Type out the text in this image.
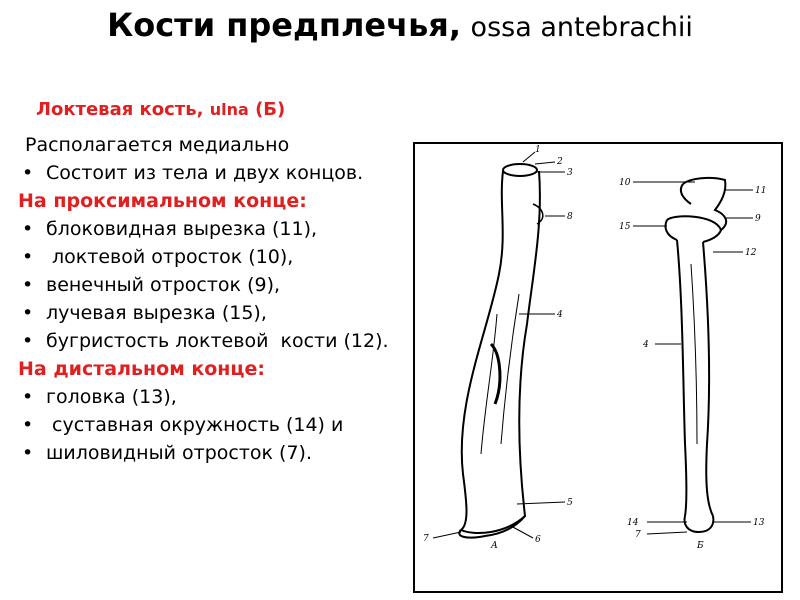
Кости предплечья, ossa antebrachii
Локтевая кость, ulna (Б)

Располагается медиально

• Состоит из тела и двух концов.

На проксимальном конце:

• блоковидная вырезка (11),

•  локтевой отросток (10),

• венечный отросток (9),

• лучевая вырезка (15),

• бугристость локтевой  кости (12).

На дистальном конце:

• головка (13),

•  суставная окружность (14) и

• шиловидный отросток (7).

1
2
3
8
4
5
6
7
А
10
11
9
15
12
4
14	13
7
Б
